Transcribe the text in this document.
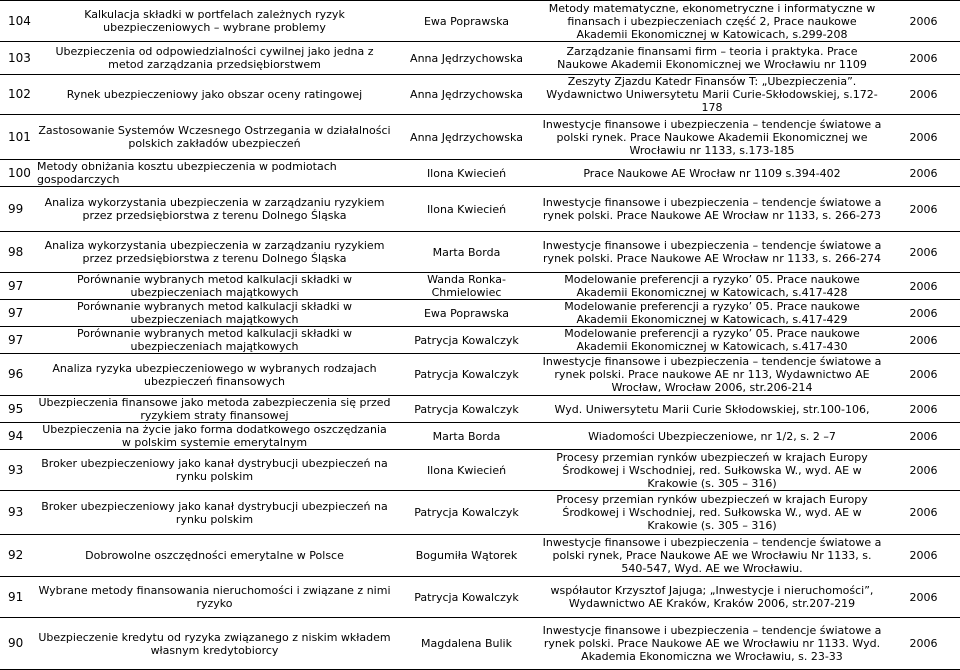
104	Kalkulacja składki w portfelach zależnych ryzyk ubezpieczeniowych – wybrane problemy	Ewa Poprawska	Metody matematyczne, ekonometryczne i informatyczne w finansach i ubezpieczeniach część 2, Prace naukowe Akademii Ekonomicznej w Katowicach, s.299-208	2006
103	Ubezpieczenia od odpowiedzialności cywilnej jako jedna z metod zarządzania przedsiębiorstwem	Anna Jędrzychowska	Zarządzanie finansami firm – teoria i praktyka. Prace Naukowe Akademii Ekonomicznej we Wrocławiu nr 1109	2006
102	Rynek ubezpieczeniowy jako obszar oceny ratingowej	Anna Jędrzychowska	Zeszyty Zjazdu Katedr Finansów T: „Ubezpieczenia”. Wydawnictwo Uniwersytetu Marii Curie-Skłodowskiej, s.172-178	2006
101	Zastosowanie Systemów Wczesnego Ostrzegania w działalności polskich zakładów ubezpieczeń	Anna Jędrzychowska	Inwestycje finansowe i ubezpieczenia – tendencje światowe a polski rynek. Prace Naukowe Akademii Ekonomicznej we Wrocławiu nr 1133, s.173-185	2006
100	Metody obniżania kosztu ubezpieczenia w podmiotach gospodarczych	Ilona Kwiecień	Prace Naukowe AE Wrocław nr 1109 s.394-402	2006
99	Analiza wykorzystania ubezpieczenia w zarządzaniu ryzykiem przez przedsiębiorstwa z terenu Dolnego Śląska	Ilona Kwiecień	Inwestycje finansowe i ubezpieczenia – tendencje światowe a rynek polski. Prace Naukowe AE Wrocław nr 1133, s. 266-273	2006
98	Analiza wykorzystania ubezpieczenia w zarządzaniu ryzykiem przez przedsiębiorstwa z terenu Dolnego Śląska	Marta Borda	Inwestycje finansowe i ubezpieczenia – tendencje światowe a rynek polski. Prace Naukowe AE Wrocław nr 1133, s. 266-274	2006
97	Porównanie wybranych metod kalkulacji składki w ubezpieczeniach majątkowych	Wanda Ronka-Chmielowiec	Modelowanie preferencji a ryzyko’ 05. Prace naukowe Akademii Ekonomicznej w Katowicach, s.417-428	2006
97	Porównanie wybranych metod kalkulacji składki w ubezpieczeniach majątkowych	Ewa Poprawska	Modelowanie preferencji a ryzyko’ 05. Prace naukowe Akademii Ekonomicznej w Katowicach, s.417-429	2006
97	Porównanie wybranych metod kalkulacji składki w ubezpieczeniach majątkowych	Patrycja Kowalczyk	Modelowanie preferencji a ryzyko’ 05. Prace naukowe Akademii Ekonomicznej w Katowicach, s.417-430	2006
96	Analiza ryzyka ubezpieczeniowego w wybranych rodzajach ubezpieczeń finansowych	Patrycja Kowalczyk	Inwestycje finansowe i ubezpieczenia – tendencje światowe a rynek polski. Prace naukowe AE nr 113, Wydawnictwo AE Wrocław, Wrocław 2006, str.206-214	2006
95	Ubezpieczenia finansowe jako metoda zabezpieczenia się przed ryzykiem straty finansowej	Patrycja Kowalczyk	Wyd. Uniwersytetu Marii Curie Skłodowskiej, str.100-106,	2006
94	Ubezpieczenia na życie jako forma dodatkowego oszczędzania w polskim systemie emerytalnym	Marta Borda	Wiadomości Ubezpieczeniowe, nr 1/2, s. 2 –7	2006
93	Broker ubezpieczeniowy jako kanał dystrybucji ubezpieczeń na rynku polskim	Ilona Kwiecień	Procesy przemian rynków ubezpieczeń w krajach Europy Środkowej i Wschodniej, red. Sułkowska W., wyd. AE w Krakowie (s. 305 – 316)	2006
93	Broker ubezpieczeniowy jako kanał dystrybucji ubezpieczeń na rynku polskim	Patrycja Kowalczyk	Procesy przemian rynków ubezpieczeń w krajach Europy Środkowej i Wschodniej, red. Sułkowska W., wyd. AE w Krakowie (s. 305 – 316)	2006
92	Dobrowolne oszczędności emerytalne w Polsce	Bogumiła Wątorek	Inwestycje finansowe i ubezpieczenia – tendencje światowe a polski rynek, Prace Naukowe AE we Wrocławiu Nr 1133, s. 540-547, Wyd. AE we Wrocławiu.	2006
91	Wybrane metody finansowania nieruchomości i związane z nimi ryzyko	Patrycja Kowalczyk	współautor Krzysztof Jajuga; „Inwestycje i nieruchomości”, Wydawnictwo AE Kraków, Kraków 2006, str.207-219	2006
90	Ubezpieczenie kredytu od ryzyka związanego z niskim wkładem własnym kredytobiorcy	Magdalena Bulik	Inwestycje finansowe i ubezpieczenia – tendencje światowe a rynek polski. Prace Naukowe AE we Wrocławiu nr 1133. Wyd. Akademia Ekonomiczna we Wrocławiu, s. 23-33	2006
